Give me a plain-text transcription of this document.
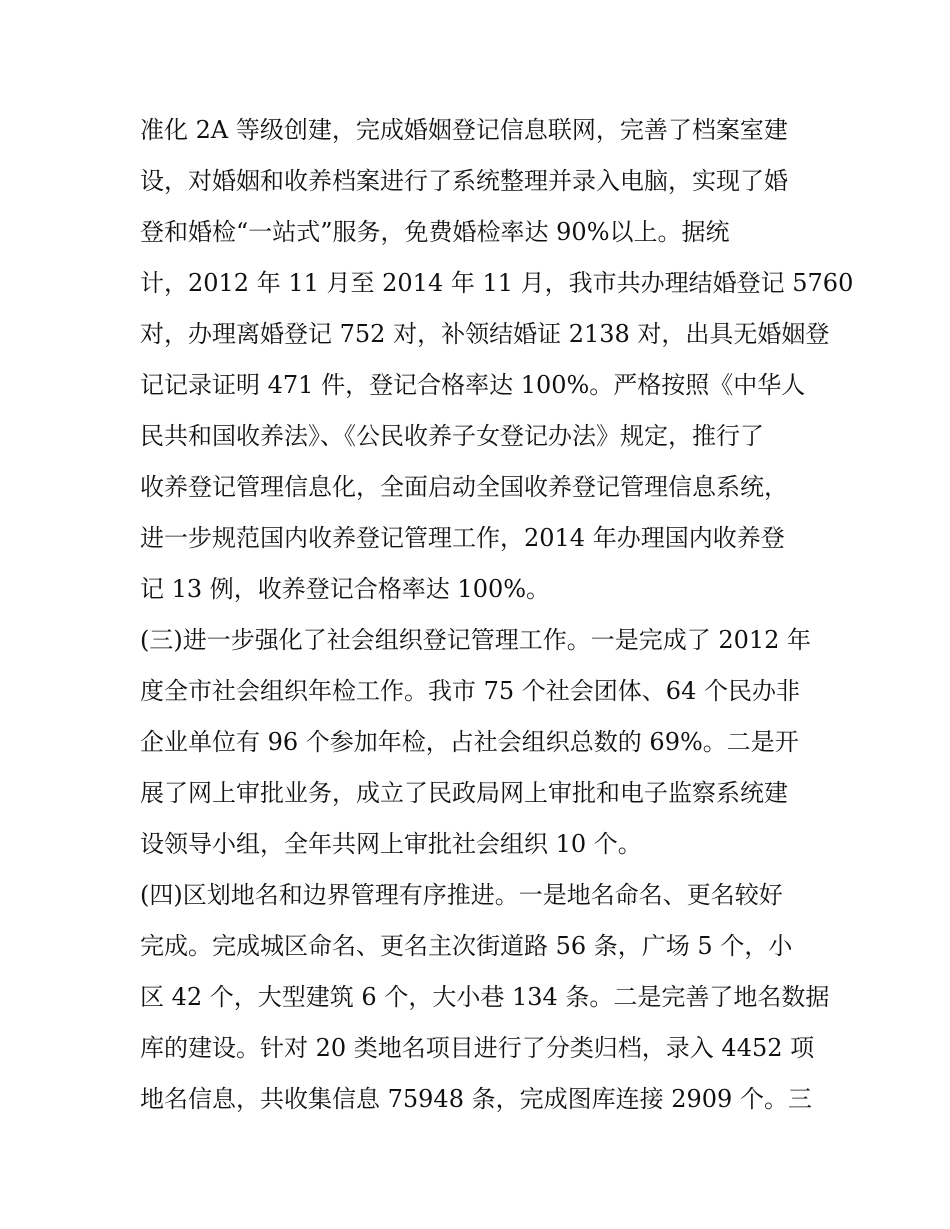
准化 2A 等级创建，完成婚姻登记信息联网，完善了档案室建
设，对婚姻和收养档案进行了系统整理并录入电脑，实现了婚
登和婚检“一站式”服务，免费婚检率达 90%以上。据统
计，2012 年 11 月至 2014 年 11 月，我市共办理结婚登记 5760
对，办理离婚登记 752 对，补领结婚证 2138 对，出具无婚姻登
记记录证明 471 件，登记合格率达 100%。严格按照《中华人
民共和国收养法》、《公民收养子女登记办法》规定，推行了
收养登记管理信息化，全面启动全国收养登记管理信息系统，
进一步规范国内收养登记管理工作，2014 年办理国内收养登
记 13 例，收养登记合格率达 100%。
(三)进一步强化了社会组织登记管理工作。一是完成了 2012 年
度全市社会组织年检工作。我市 75 个社会团体、64 个民办非
企业单位有 96 个参加年检，占社会组织总数的 69%。二是开
展了网上审批业务，成立了民政局网上审批和电子监察系统建
设领导小组，全年共网上审批社会组织 10 个。
(四)区划地名和边界管理有序推进。一是地名命名、更名较好
完成。完成城区命名、更名主次街道路 56 条，广场 5 个，小
区 42 个，大型建筑 6 个，大小巷 134 条。二是完善了地名数据
库的建设。针对 20 类地名项目进行了分类归档，录入 4452 项
地名信息，共收集信息 75948 条，完成图库连接 2909 个。三
